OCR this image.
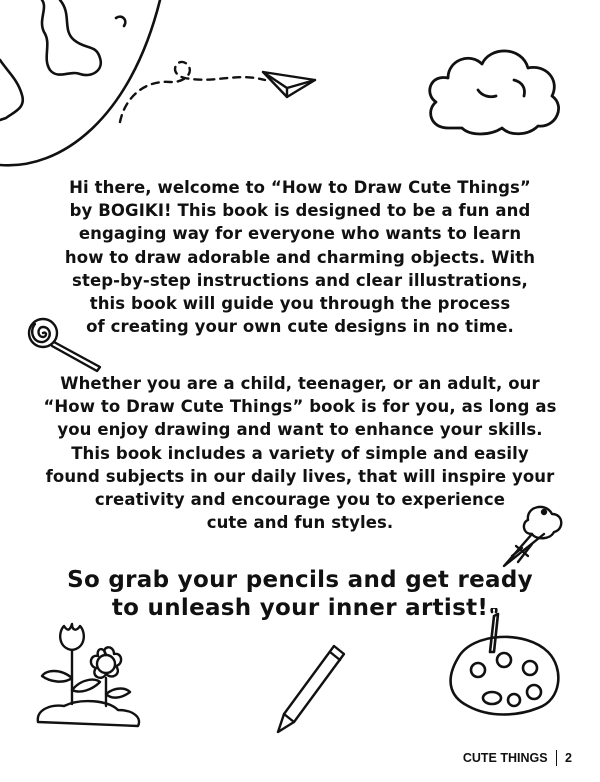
Hi there, welcome to “How to Draw Cute Things”
by BOGIKI! This book is designed to be a fun and
engaging way for everyone who wants to learn
how to draw adorable and charming objects. With
step-by-step instructions and clear illustrations,
this book will guide you through the process
of creating your own cute designs in no time.
Whether you are a child, teenager, or an adult, our
“How to Draw Cute Things” book is for you, as long as
you enjoy drawing and want to enhance your skills.
This book includes a variety of simple and easily
found subjects in our daily lives, that will inspire your
creativity and encourage you to experience
cute and fun styles.
So grab your pencils and get ready
to unleash your inner artist!
CUTE THINGS 2
